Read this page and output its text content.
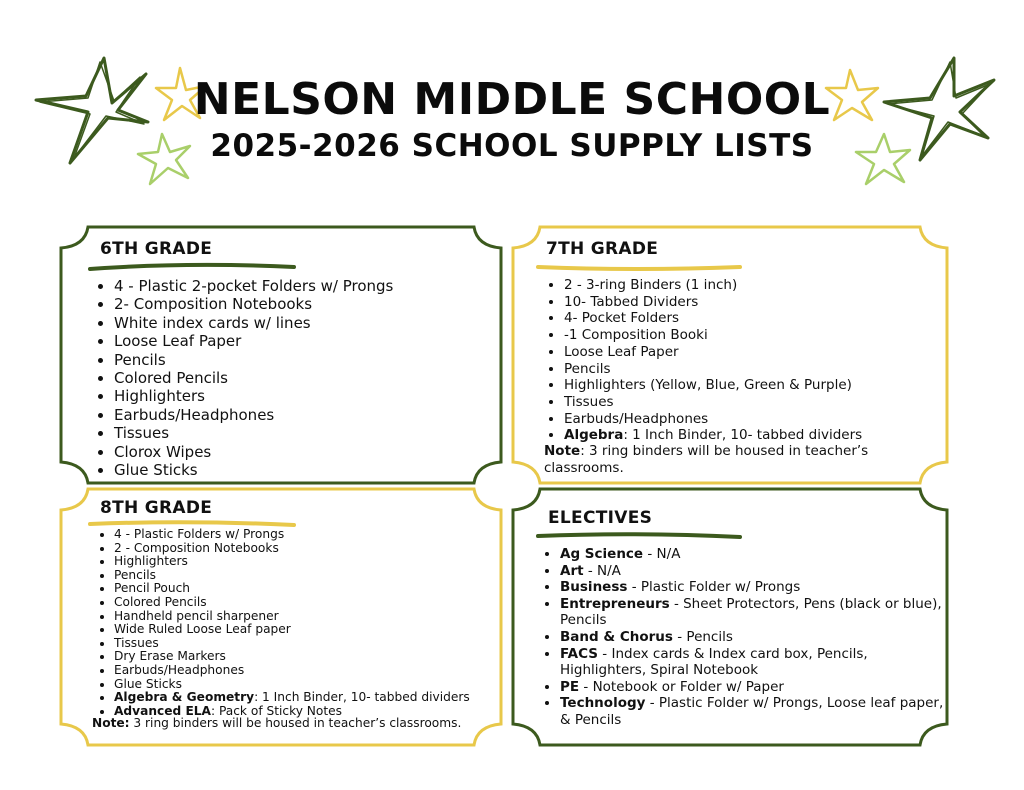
NELSON MIDDLE SCHOOL
2025-2026 SCHOOL SUPPLY LISTS
6TH GRADE
• 4 - Plastic 2-pocket Folders w/ Prongs
• 2- Composition Notebooks
• White index cards w/ lines
• Loose Leaf Paper
• Pencils
• Colored Pencils
• Highlighters
• Earbuds/Headphones
• Tissues
• Clorox Wipes
• Glue Sticks
7TH GRADE
• 2 - 3-ring Binders (1 inch)
• 10- Tabbed Dividers
• 4- Pocket Folders
• -1 Composition Booki
• Loose Leaf Paper
• Pencils
• Highlighters (Yellow, Blue, Green & Purple)
• Tissues
• Earbuds/Headphones
• Algebra: 1 Inch Binder, 10- tabbed dividers
Note: 3 ring binders will be housed in teacher’s classrooms.
8TH GRADE
• 4 - Plastic Folders w/ Prongs
• 2 - Composition Notebooks
• Highlighters
• Pencils
• Pencil Pouch
• Colored Pencils
• Handheld pencil sharpener
• Wide Ruled Loose Leaf paper
• Tissues
• Dry Erase Markers
• Earbuds/Headphones
• Glue Sticks
• Algebra & Geometry: 1 Inch Binder, 10- tabbed dividers
• Advanced ELA: Pack of Sticky Notes
Note: 3 ring binders will be housed in teacher’s classrooms.
ELECTIVES
• Ag Science - N/A
• Art - N/A
• Business - Plastic Folder w/ Prongs
• Entrepreneurs - Sheet Protectors, Pens (black or blue), Pencils
• Band & Chorus - Pencils
• FACS - Index cards & Index card box, Pencils, Highlighters, Spiral Notebook
• PE - Notebook or Folder w/ Paper
• Technology - Plastic Folder w/ Prongs, Loose leaf paper, & Pencils
